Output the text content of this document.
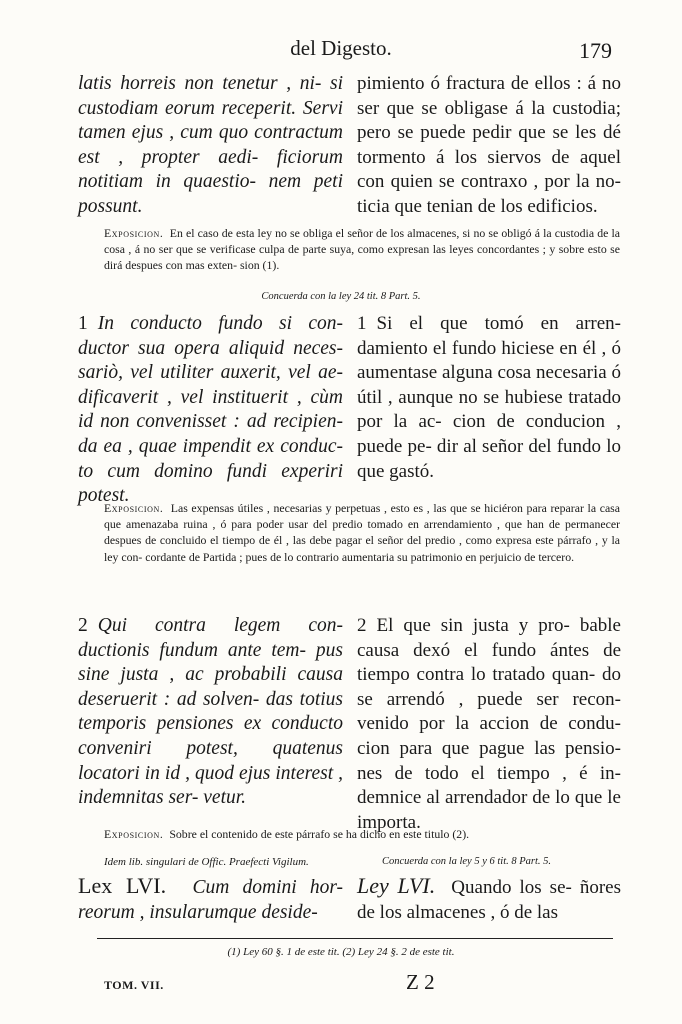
del Digesto.	179

latis horreis non tenetur , ni- si custodiam eorum receperit. Servi tamen ejus , cum quo contractum est , propter aedi- ficiorum notitiam in quaestio- nem peti possunt.

pimiento ó fractura de ellos : á no ser que se obligase á la custodia; pero se puede pedir que se les dé tormento á los siervos de aquel con quien se contraxo , por la no- ticia que tenian de los edificios.

Exposicion. En el caso de esta ley no se obliga el señor de los almacenes, si no se obligó á la custodia de la cosa , á no ser que se verificase culpa de parte suya, como expresan las leyes concordantes ; y sobre esto se dirá despues con mas exten- sion (1).

Concuerda con la ley 24 tit. 8 Part. 5.

1 In conducto fundo si con- ductor sua opera aliquid neces- sariò, vel utiliter auxerit, vel ae- dificaverit , vel instituerit , cùm id non convenisset : ad recipien- da ea , quae impendit ex conduc- to cum domino fundi experiri potest.

1 Si el que tomó en arren- damiento el fundo hiciese en él , ó aumentase alguna cosa necesaria ó útil , aunque no se hubiese tratado por la ac- cion de conducion , puede pe- dir al señor del fundo lo que gastó.

Exposicion. Las expensas útiles , necesarias y perpetuas , esto es , las que se hiciéron para reparar la casa que amenazaba ruina , ó para poder usar del predio tomado en arrendamiento , que han de permanecer despues de concluido el tiempo de él , las debe pagar el señor del predio , como expresa este párrafo , y la ley con- cordante de Partida ; pues de lo contrario aumentaria su patrimonio en perjuicio de tercero.

2 Qui contra legem con- ductionis fundum ante tem- pus sine justa , ac probabili causa deseruerit : ad solven- das totius temporis pensiones ex conducto conveniri potest, quatenus locatori in id , quod ejus interest , indemnitas ser- vetur.

2 El que sin justa y pro- bable causa dexó el fundo ántes de tiempo contra lo tratado quan- do se arrendó , puede ser recon- venido por la accion de condu- cion para que pague las pensio- nes de todo el tiempo , é in- demnice al arrendador de lo que le importa.

Exposicion. Sobre el contenido de este párrafo se ha dicho en este titulo (2).

Idem lib. singulari de Offic. Praefecti Vigilum.	Concuerda con la ley 5 y 6 tit. 8 Part. 5.

Lex LVI. Cum domini hor- reorum , insularumque deside-

Ley LVI. Quando los se- ñores de los almacenes , ó de las

(1) Ley 60 §. 1 de este tit. (2) Ley 24 §. 2 de este tit.
TOM. VII.	Z 2
